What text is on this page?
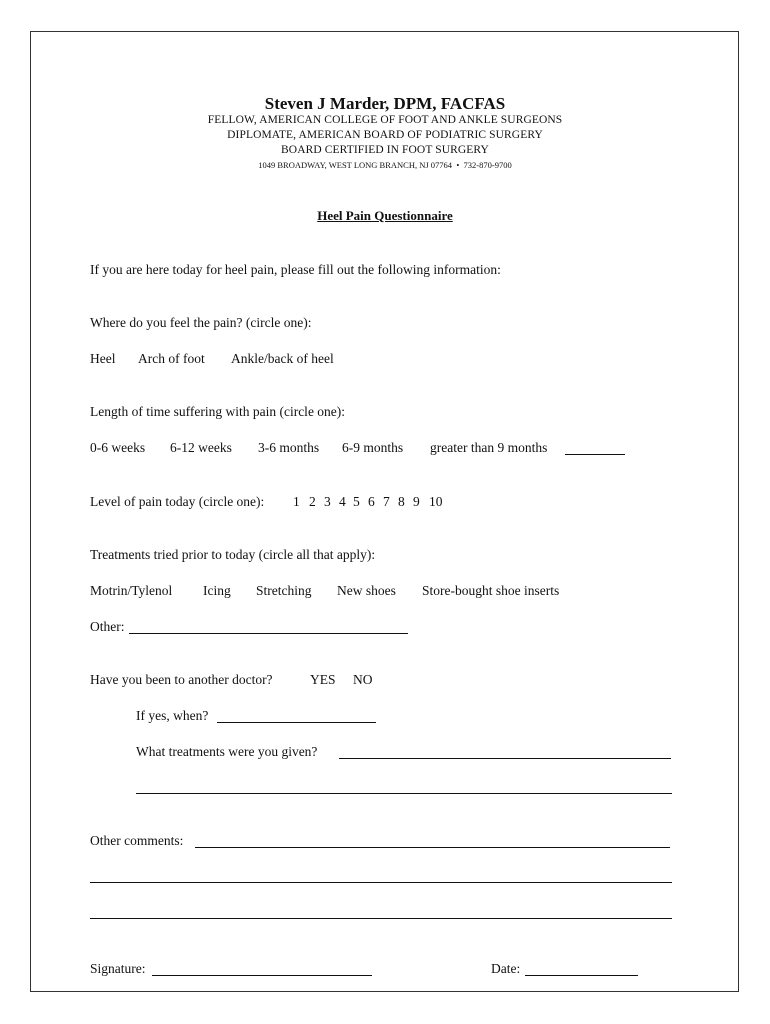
Steven J Marder, DPM, FACFAS
FELLOW, AMERICAN COLLEGE OF FOOT AND ANKLE SURGEONS
DIPLOMATE, AMERICAN BOARD OF PODIATRIC SURGERY
BOARD CERTIFIED IN FOOT SURGERY
1049 BROADWAY, WEST LONG BRANCH, NJ 07764 • 732-870-9700
Heel Pain Questionnaire
If you are here today for heel pain, please fill out the following information:
Where do you feel the pain? (circle one):
Heel Arch of foot Ankle/back of heel
Length of time suffering with pain (circle one):
0-6 weeks 6-12 weeks 3-6 months 6-9 months greater than 9 months
Level of pain today (circle one): 1 2 3 4 5 6 7 8 9 10
Treatments tried prior to today (circle all that apply):
Motrin/Tylenol Icing Stretching New shoes Store-bought shoe inserts
Other:
Have you been to another doctor?	YES NO
If yes, when?
What treatments were you given?
Other comments:
Signature:	Date:
